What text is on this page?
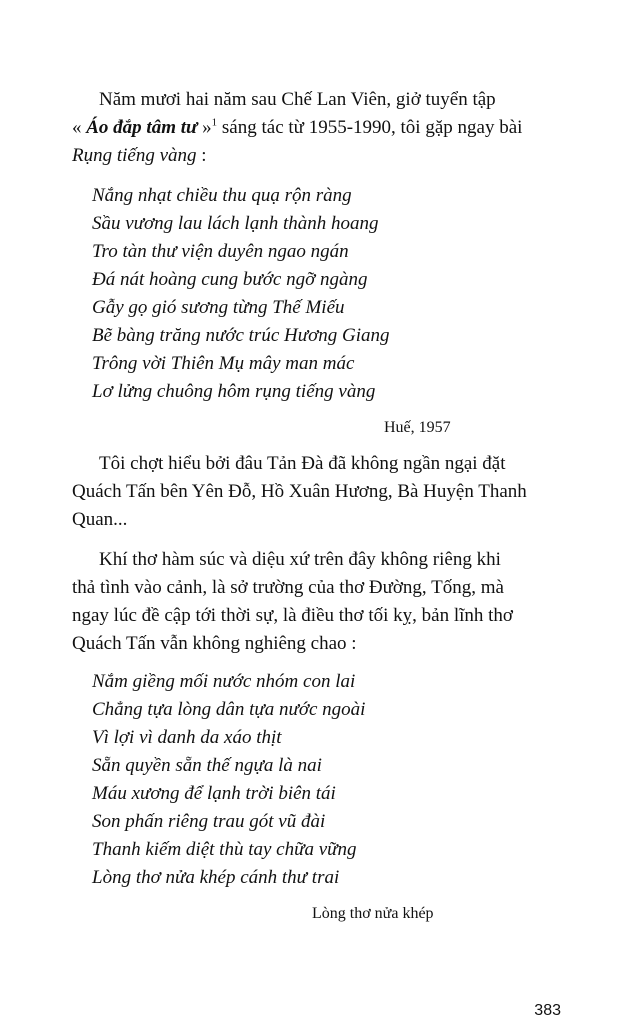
Năm mươi hai năm sau Chế Lan Viên, giở tuyển tập
« Áo đắp tâm tư »$^1$ sáng tác từ 1955-1990, tôi gặp ngay bài
Rụng tiếng vàng :

Nắng nhạt chiều thu quạ rộn ràng
Sầu vương lau lách lạnh thành hoang
Tro tàn thư viện duyên ngao ngán
Đá nát hoàng cung bước ngỡ ngàng
Gẫy gọ gió sương từng Thế Miếu
Bẽ bàng trăng nước trúc Hương Giang
Trông vời Thiên Mụ mây man mác
Lơ lửng chuông hôm rụng tiếng vàng
Huế, 1957

Tôi chợt hiểu bởi đâu Tản Đà đã không ngần ngại đặt
Quách Tấn bên Yên Đỗ, Hồ Xuân Hương, Bà Huyện Thanh
Quan...

Khí thơ hàm súc và diệu xứ trên đây không riêng khi
thả tình vào cảnh, là sở trường của thơ Đường, Tống, mà
ngay lúc đề cập tới thời sự, là điều thơ tối kỵ, bản lĩnh thơ
Quách Tấn vẫn không nghiêng chao :

Nắm giềng mối nước nhóm con lai
Chẳng tựa lòng dân tựa nước ngoài
Vì lợi vì danh da xáo thịt
Sẵn quyền sẵn thế ngựa là nai
Máu xương để lạnh trời biên tái
Son phấn riêng trau gót vũ đài
Thanh kiếm diệt thù tay chữa vững
Lòng thơ nửa khép cánh thư trai
Lòng thơ nửa khép
383
